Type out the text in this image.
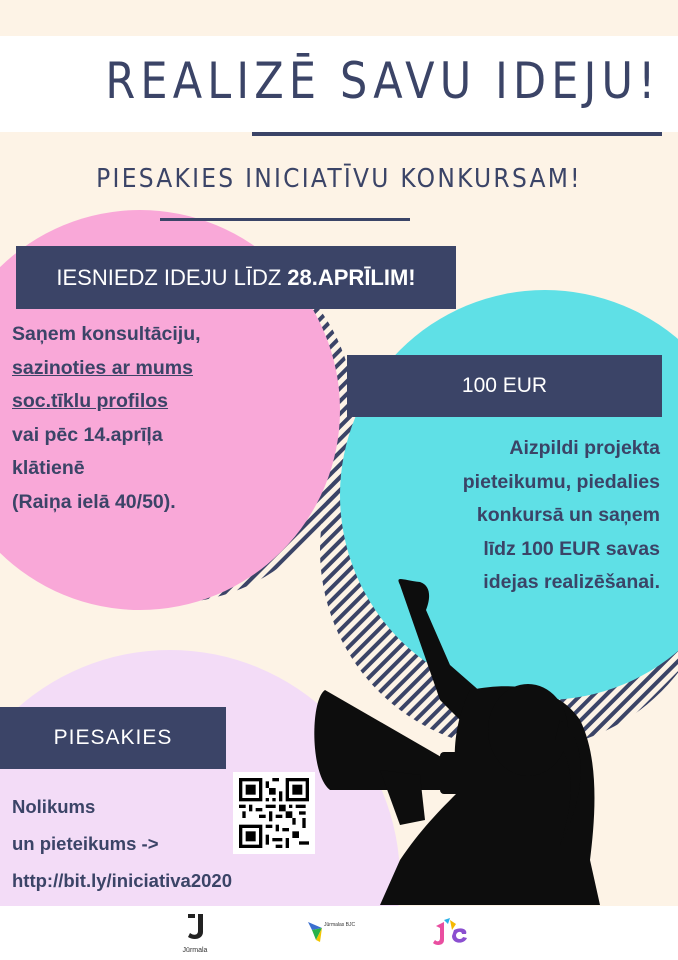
REALIZĒ SAVU IDEJU!
PIESAKIES INICIATĪVU KONKURSAM!
IESNIEDZ IDEJU LĪDZ 28.APRĪLIM!
Saņem konsultāciju,
sazinoties ar mums
soc.tīklu profilos
vai pēc 14.aprīļa
klātienē
(Raiņa ielā 40/50).
100 EUR
Aizpildi projekta
pieteikumu, piedalies
konkursā un saņem
līdz 100 EUR savas
idejas realizēšanai.
PIESAKIES
Nolikums
un pieteikums ->
http://bit.ly/iniciativa2020
Jūrmala
Jūrmalas BJC
